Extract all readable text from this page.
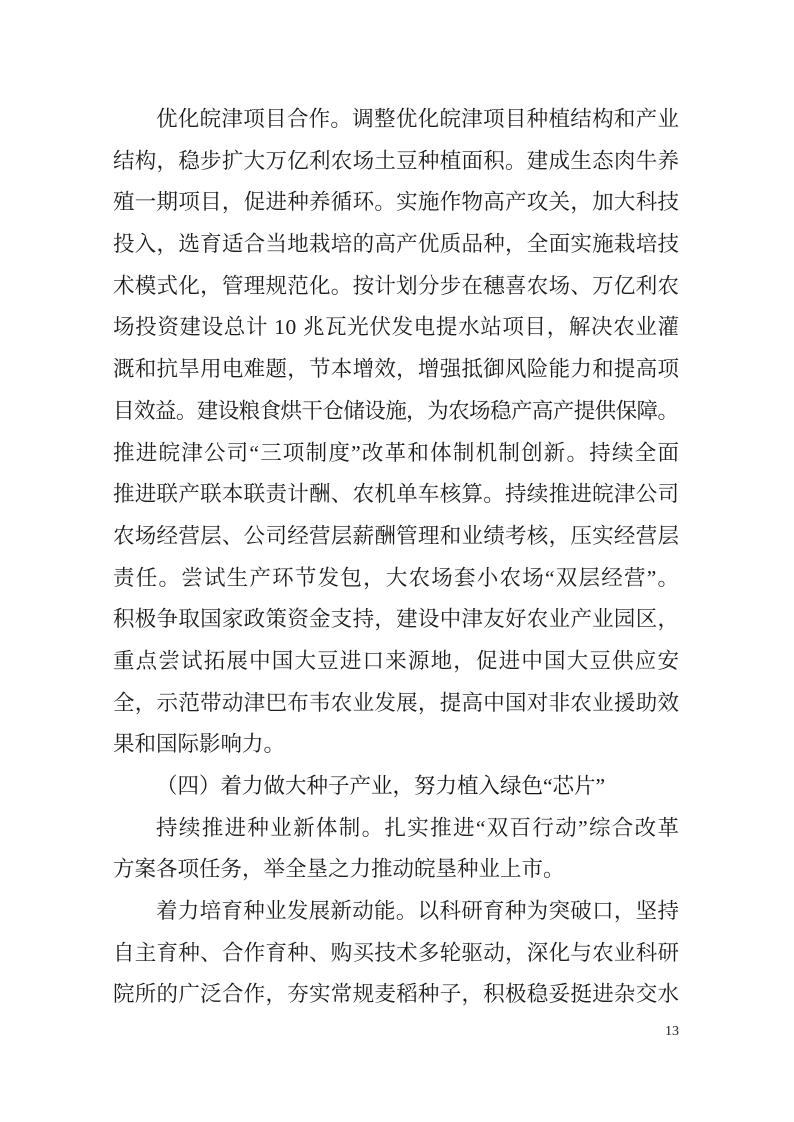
优化皖津项目合作。调整优化皖津项目种植结构和产业
结构，稳步扩大万亿利农场土豆种植面积。建成生态肉牛养
殖一期项目，促进种养循环。实施作物高产攻关，加大科技
投入，选育适合当地栽培的高产优质品种，全面实施栽培技
术模式化，管理规范化。按计划分步在穗喜农场、万亿利农
场投资建设总计 10 兆瓦光伏发电提水站项目，解决农业灌
溉和抗旱用电难题，节本增效，增强抵御风险能力和提高项
目效益。建设粮食烘干仓储设施，为农场稳产高产提供保障。
推进皖津公司“三项制度”改革和体制机制创新。持续全面
推进联产联本联责计酬、农机单车核算。持续推进皖津公司
农场经营层、公司经营层薪酬管理和业绩考核，压实经营层
责任。尝试生产环节发包，大农场套小农场“双层经营”。
积极争取国家政策资金支持，建设中津友好农业产业园区，
重点尝试拓展中国大豆进口来源地，促进中国大豆供应安
全，示范带动津巴布韦农业发展，提高中国对非农业援助效
果和国际影响力。
（四）着力做大种子产业，努力植入绿色“芯片”
持续推进种业新体制。扎实推进“双百行动”综合改革
方案各项任务，举全垦之力推动皖垦种业上市。
着力培育种业发展新动能。以科研育种为突破口，坚持
自主育种、合作育种、购买技术多轮驱动，深化与农业科研
院所的广泛合作，夯实常规麦稻种子，积极稳妥挺进杂交水
13
